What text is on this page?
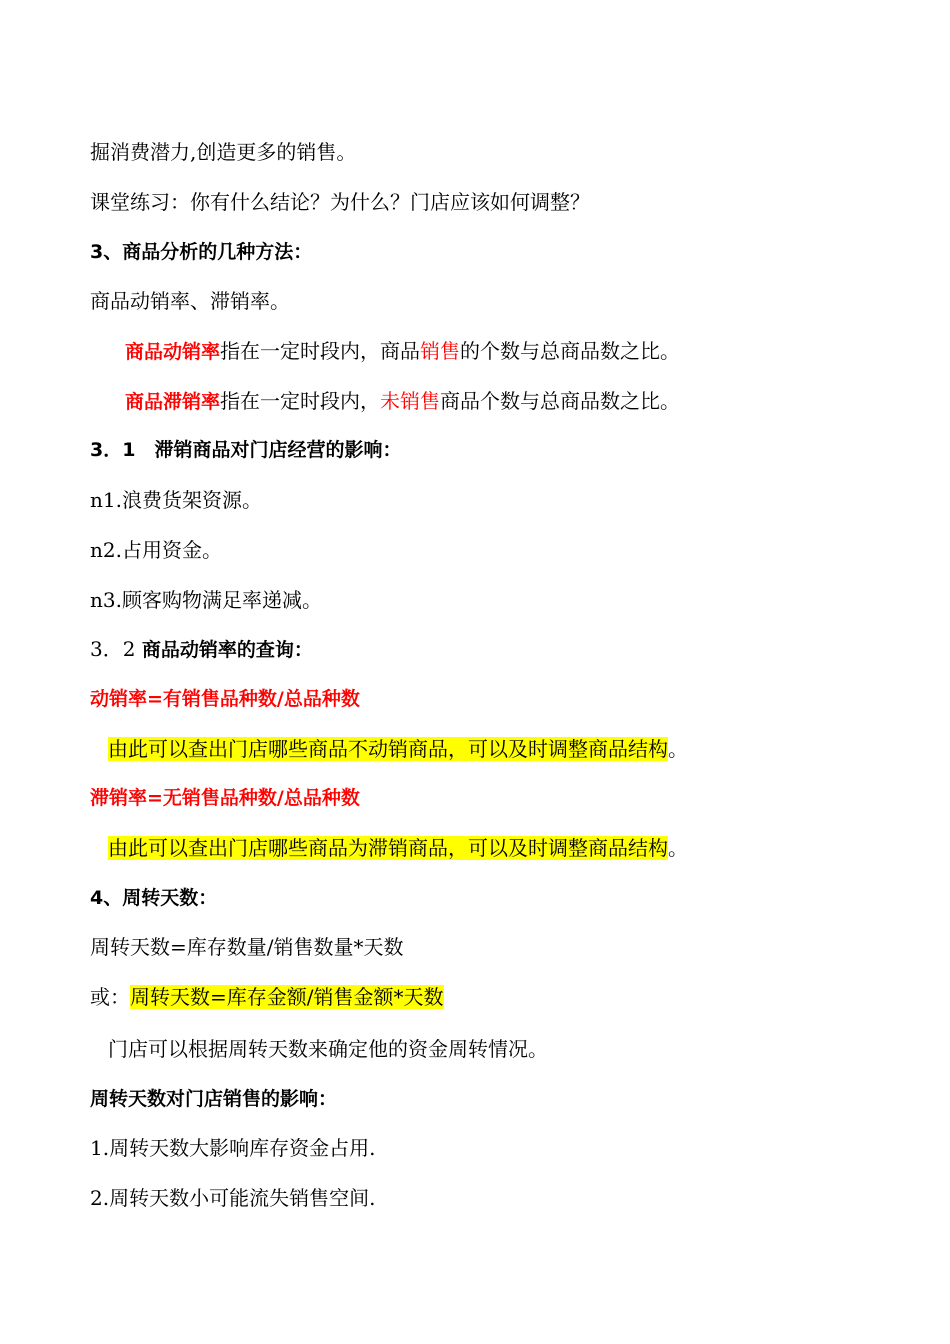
掘消费潜力,创造更多的销售。
课堂练习：你有什么结论？为什么？门店应该如何调整？
3、商品分析的几种方法：
商品动销率、滞销率。
商品动销率指在一定时段内，商品销售的个数与总商品数之比。
商品滞销率指在一定时段内，未销售商品个数与总商品数之比。
3．1　滞销商品对门店经营的影响：
n1.浪费货架资源。
n2.占用资金。
n3.顾客购物满足率递减。
3．2 商品动销率的查询：
动销率=有销售品种数/总品种数
由此可以查出门店哪些商品不动销商品，可以及时调整商品结构。
滞销率=无销售品种数/总品种数
由此可以查出门店哪些商品为滞销商品，可以及时调整商品结构。
4、周转天数：
周转天数=库存数量/销售数量*天数
或：周转天数=库存金额/销售金额*天数
门店可以根据周转天数来确定他的资金周转情况。
周转天数对门店销售的影响：
1.周转天数大影响库存资金占用.
2.周转天数小可能流失销售空间.
